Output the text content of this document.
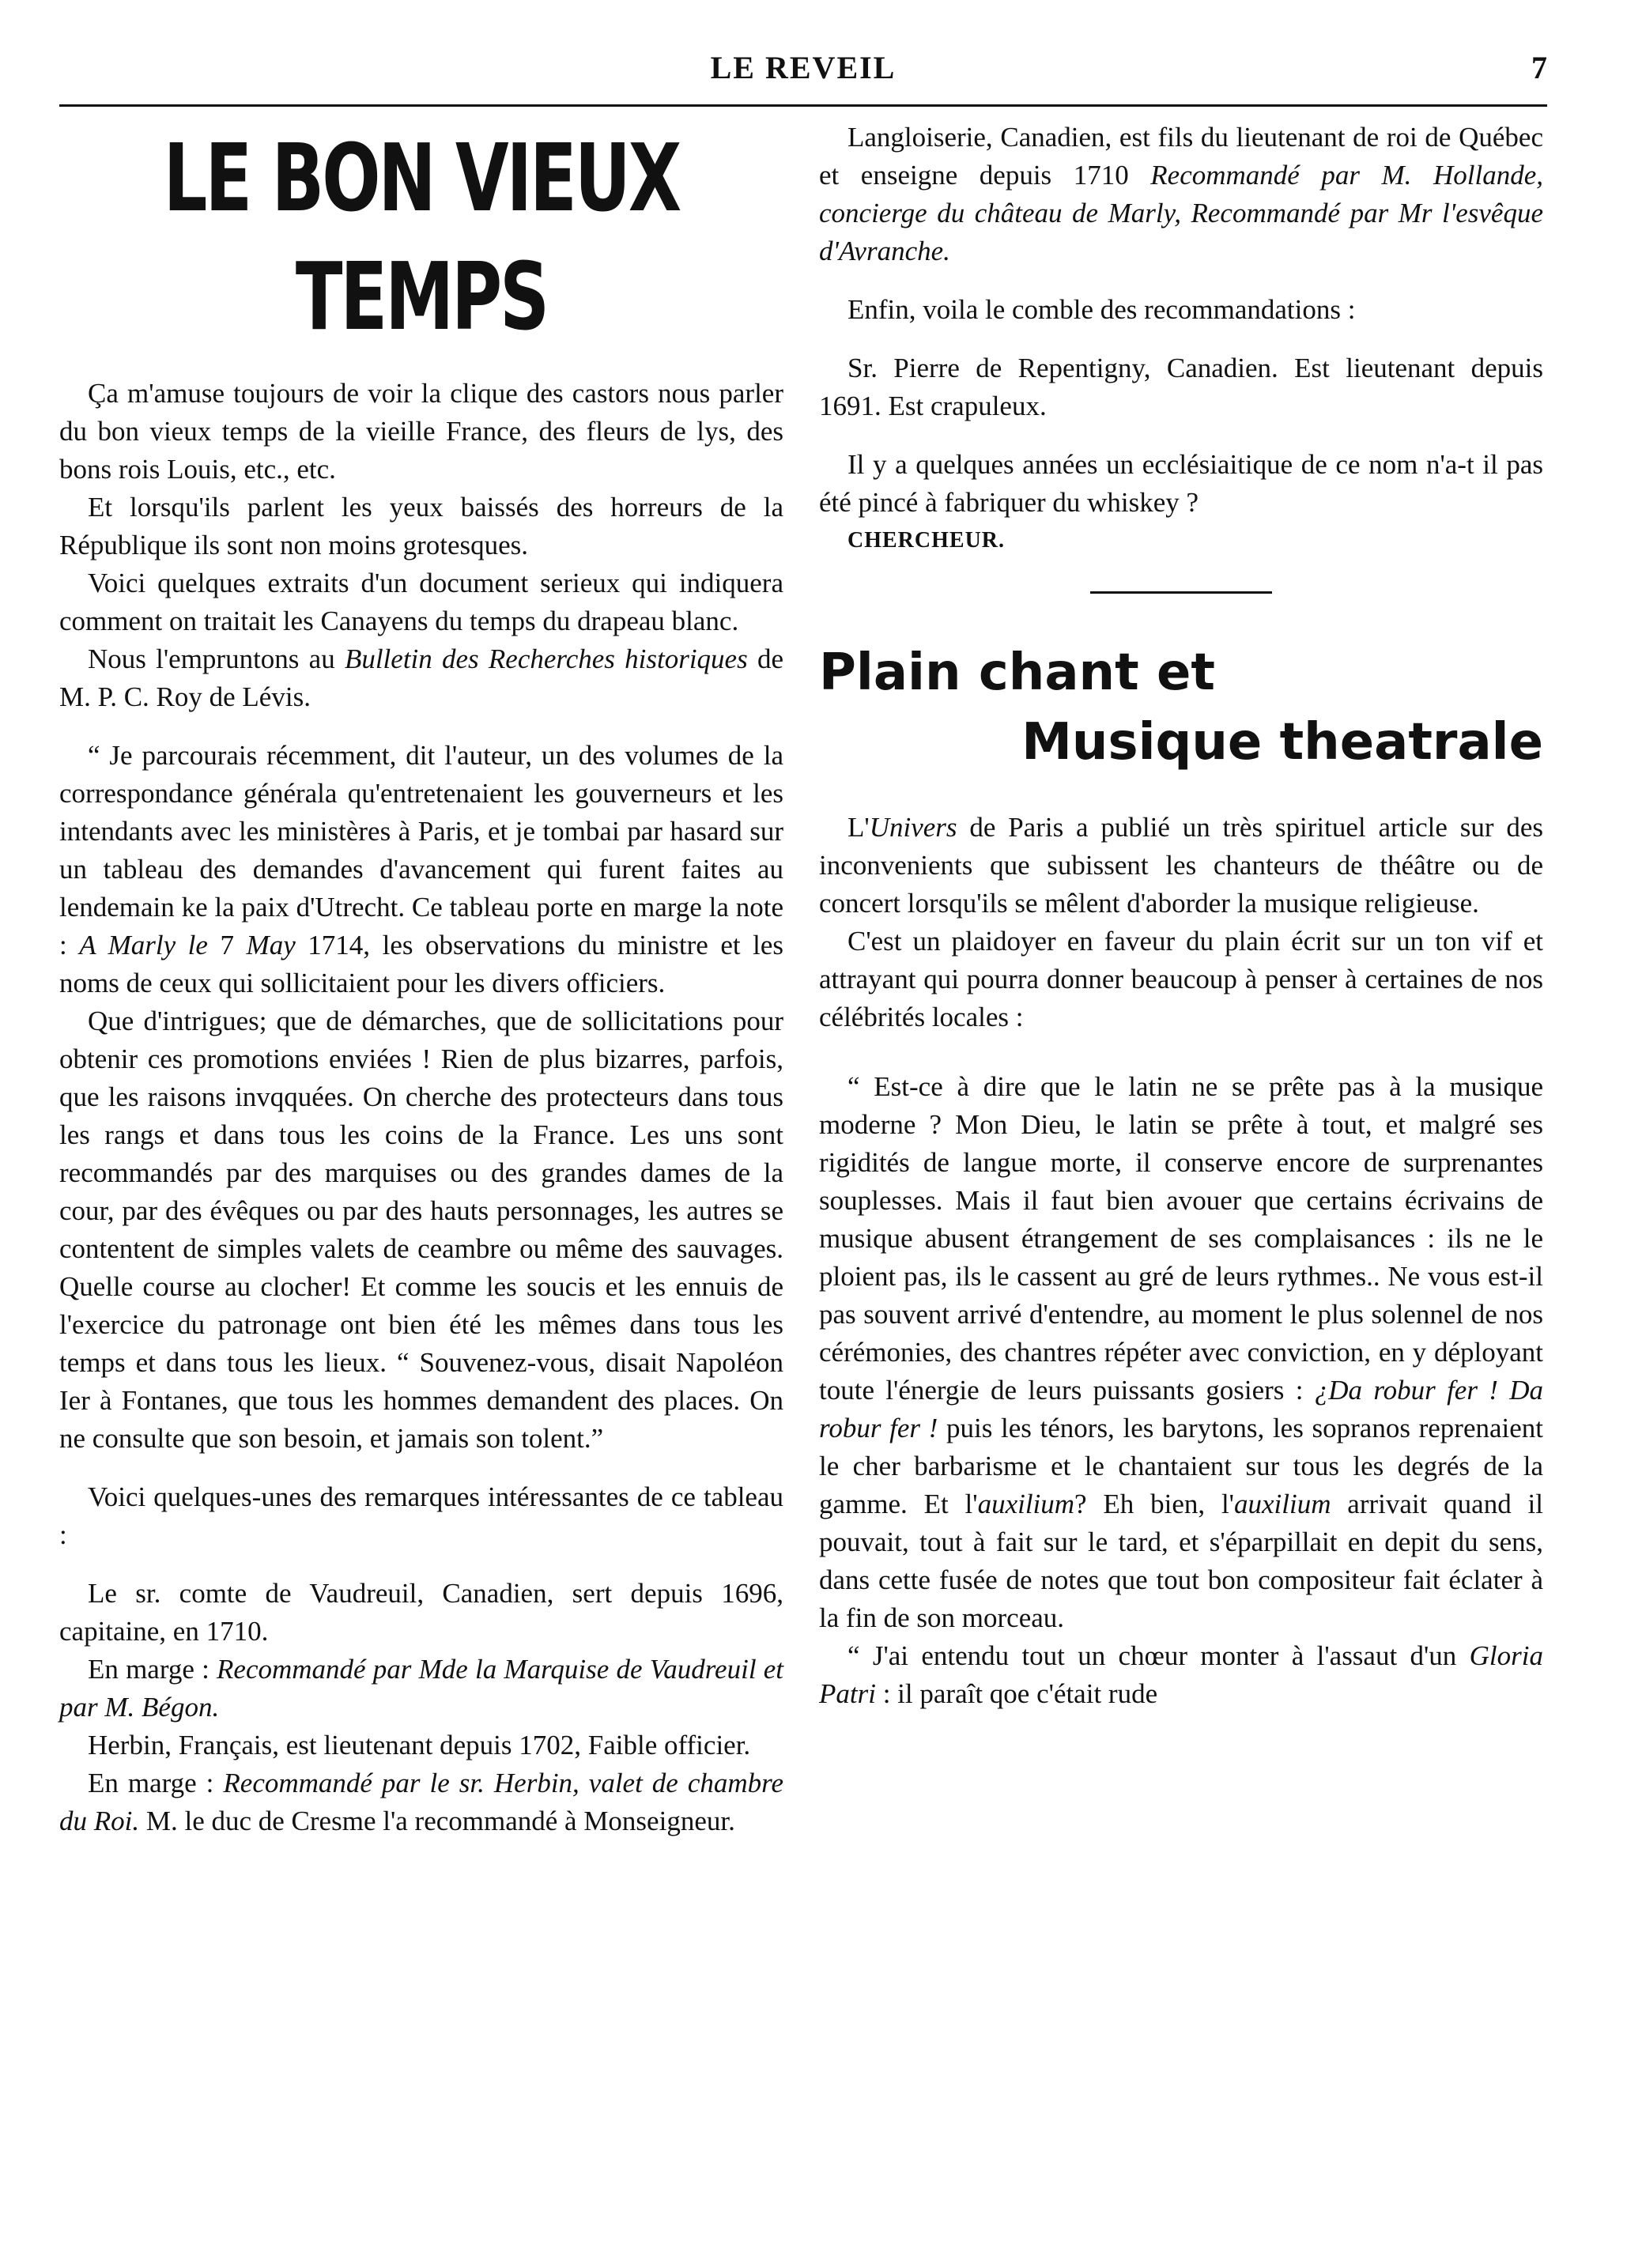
LE REVEIL	7
LE BON VIEUX TEMPS

Ça m'amuse toujours de voir la clique des castors nous parler du bon vieux temps de la vieille France, des fleurs de lys, des bons rois Louis, etc., etc.

Et lorsqu'ils parlent les yeux baissés des horreurs de la République ils sont non moins grotesques.

Voici quelques extraits d'un document serieux qui indiquera comment on traitait les Canayens du temps du drapeau blanc.

Nous l'empruntons au Bulletin des Recherches historiques de M. P. C. Roy de Lévis.

“ Je parcourais récemment, dit l'auteur, un des volumes de la correspondance générala qu'entretenaient les gouverneurs et les intendants avec les ministères à Paris, et je tombai par hasard sur un tableau des demandes d'avancement qui furent faites au lendemain ke la paix d'Utrecht. Ce tableau porte en marge la note : A Marly le 7 May 1714, les observations du ministre et les noms de ceux qui sollicitaient pour les divers officiers.

Que d'intrigues; que de démarches, que de sollicitations pour obtenir ces promotions enviées ! Rien de plus bizarres, parfois, que les raisons invqquées. On cherche des protecteurs dans tous les rangs et dans tous les coins de la France. Les uns sont recommandés par des marquises ou des grandes dames de la cour, par des évêques ou par des hauts personnages, les autres se contentent de simples valets de ceambre ou même des sauvages. Quelle course au clocher! Et comme les soucis et les ennuis de l'exercice du patronage ont bien été les mêmes dans tous les temps et dans tous les lieux. “ Souvenez-vous, disait Napoléon Ier à Fontanes, que tous les hommes demandent des places. On ne consulte que son besoin, et jamais son tolent.”

Voici quelques-unes des remarques intéressantes de ce tableau :

Le sr. comte de Vaudreuil, Canadien, sert depuis 1696, capitaine, en 1710.

En marge : Recommandé par Mde la Marquise de Vaudreuil et par M. Bégon.

Herbin, Français, est lieutenant depuis 1702, Faible officier.

En marge : Recommandé par le sr. Herbin, valet de chambre du Roi. M. le duc de Cresme l'a recommandé à Monseigneur.

Langloiserie, Canadien, est fils du lieutenant de roi de Québec et enseigne depuis 1710 Recommandé par M. Hollande, concierge du château de Marly, Recommandé par Mr l'esvêque d'Avranche.

Enfin, voila le comble des recommandations :

Sr. Pierre de Repentigny, Canadien. Est lieutenant depuis 1691. Est crapuleux.

Il y a quelques années un ecclésiaitique de ce nom n'a-t il pas été pincé à fabriquer du whiskey ?

CHERCHEUR.

Plain chant et
Musique theatrale

L'Univers de Paris a publié un très spirituel article sur des inconvenients que subissent les chanteurs de théâtre ou de concert lorsqu'ils se mêlent d'aborder la musique religieuse.

C'est un plaidoyer en faveur du plain écrit sur un ton vif et attrayant qui pourra donner beaucoup à penser à certaines de nos célébrités locales :

“ Est-ce à dire que le latin ne se prête pas à la musique moderne ? Mon Dieu, le latin se prête à tout, et malgré ses rigidités de langue morte, il conserve encore de surprenantes souplesses. Mais il faut bien avouer que certains écrivains de musique abusent étrangement de ses complaisances : ils ne le ploient pas, ils le cassent au gré de leurs rythmes.. Ne vous est-il pas souvent arrivé d'entendre, au moment le plus solennel de nos cérémonies, des chantres répéter avec conviction, en y déployant toute l'énergie de leurs puissants gosiers : ¿Da robur fer ! Da robur fer ! puis les ténors, les barytons, les sopranos reprenaient le cher barbarisme et le chantaient sur tous les degrés de la gamme. Et l'auxilium? Eh bien, l'auxilium arrivait quand il pouvait, tout à fait sur le tard, et s'éparpillait en depit du sens, dans cette fusée de notes que tout bon compositeur fait éclater à la fin de son morceau.

“ J'ai entendu tout un chœur monter à l'assaut d'un Gloria Patri : il paraît qoe c'était rude
